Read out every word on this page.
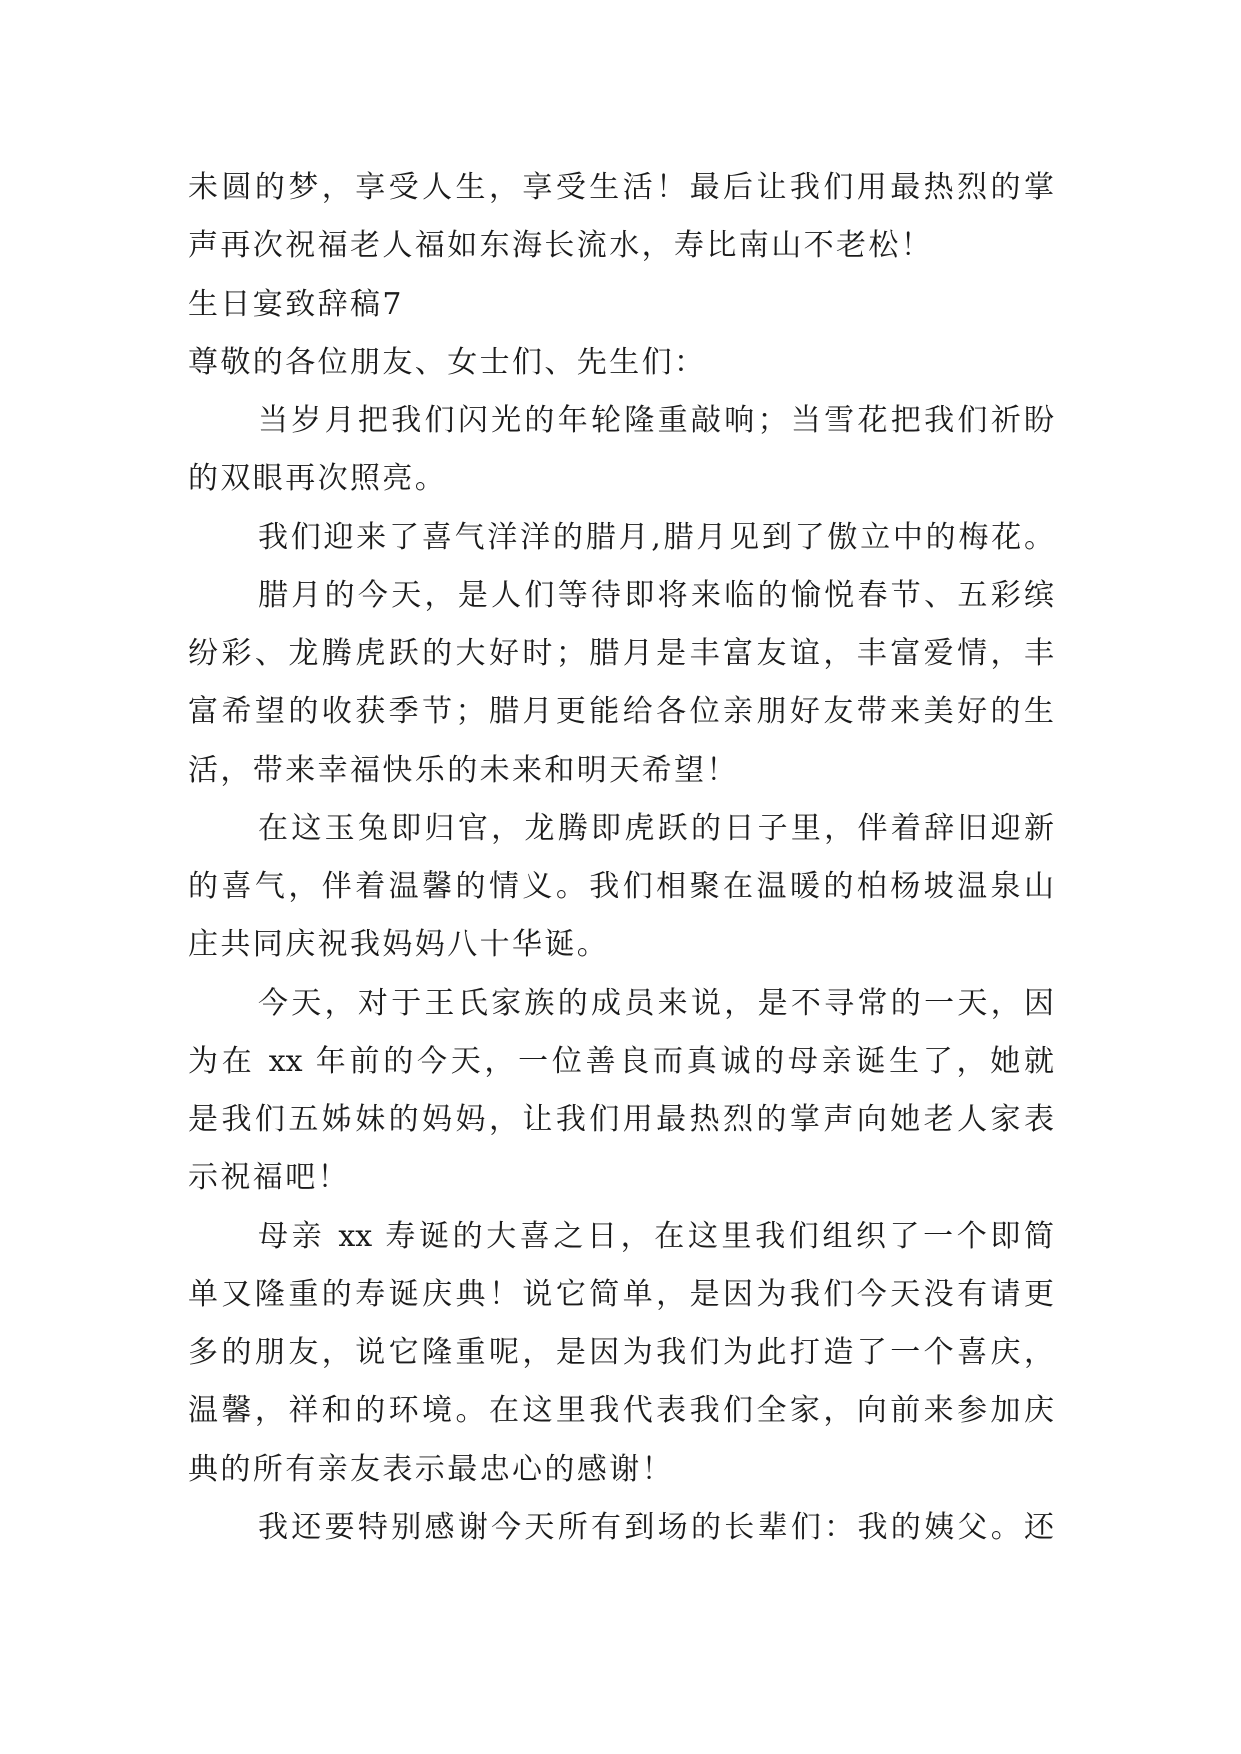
未圆的梦，享受人生，享受生活！最后让我们用最热烈的掌
声再次祝福老人福如东海长流水，寿比南山不老松！
生日宴致辞稿7
尊敬的各位朋友、女士们、先生们：
当岁月把我们闪光的年轮隆重敲响；当雪花把我们祈盼
的双眼再次照亮。
我们迎来了喜气洋洋的腊月,腊月见到了傲立中的梅花。
腊月的今天，是人们等待即将来临的愉悦春节、五彩缤
纷彩、龙腾虎跃的大好时；腊月是丰富友谊，丰富爱情，丰
富希望的收获季节；腊月更能给各位亲朋好友带来美好的生
活，带来幸福快乐的未来和明天希望！
在这玉兔即归官，龙腾即虎跃的日子里，伴着辞旧迎新
的喜气，伴着温馨的情义。我们相聚在温暖的柏杨坡温泉山
庄共同庆祝我妈妈八十华诞。
今天，对于王氏家族的成员来说，是不寻常的一天，因
为在 xx 年前的今天，一位善良而真诚的母亲诞生了，她就
是我们五姊妹的妈妈，让我们用最热烈的掌声向她老人家表
示祝福吧！
母亲 xx 寿诞的大喜之日，在这里我们组织了一个即简
单又隆重的寿诞庆典！说它简单，是因为我们今天没有请更
多的朋友，说它隆重呢，是因为我们为此打造了一个喜庆，
温馨，祥和的环境。在这里我代表我们全家，向前来参加庆
典的所有亲友表示最忠心的感谢！
我还要特别感谢今天所有到场的长辈们：我的姨父。还
